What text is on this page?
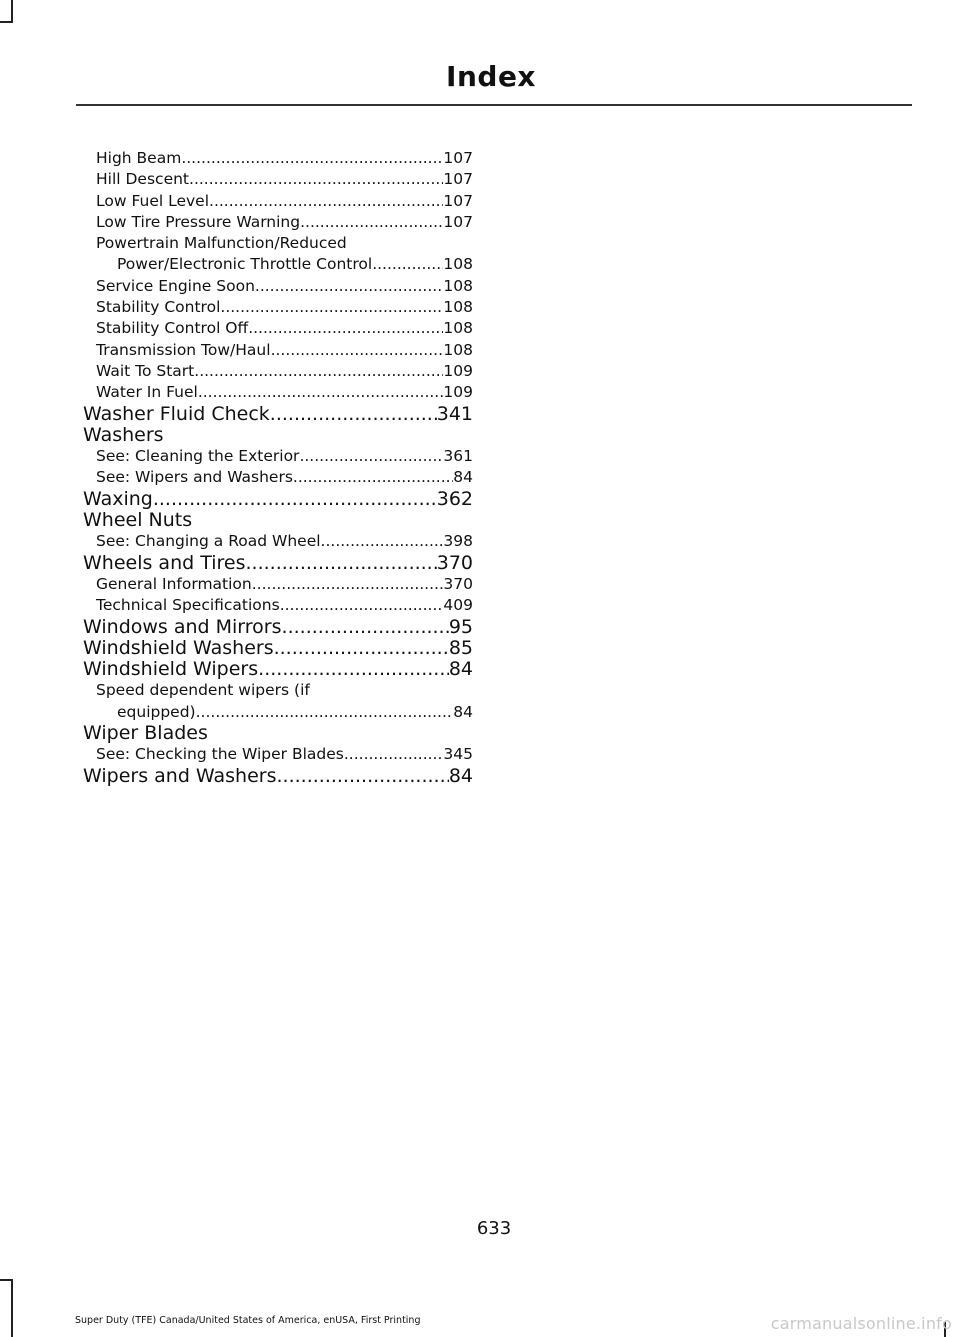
Index
High Beam .....	107
Hill Descent .....	107
Low Fuel Level .....	107
Low Tire Pressure Warning .....	107
Powertrain Malfunction/Reduced
Power/Electronic Throttle Control .....	108
Service Engine Soon .....	108
Stability Control .....	108
Stability Control Off .....	108
Transmission Tow/Haul .....	108
Wait To Start .....	109
Water In Fuel .....	109
Washer Fluid Check .....	341
Washers
See: Cleaning the Exterior .....	361
See: Wipers and Washers .....	84
Waxing .....	362
Wheel Nuts
See: Changing a Road Wheel .....	398
Wheels and Tires .....	370
General Information .....	370
Technical Specifications .....	409
Windows and Mirrors .....	95
Windshield Washers .....	85
Windshield Wipers .....	84
Speed dependent wipers (if
equipped) .....	84
Wiper Blades
See: Checking the Wiper Blades .....	345
Wipers and Washers .....	84
633
Super Duty (TFE) Canada/United States of America, enUSA, First Printing	carmanualsonline.info
